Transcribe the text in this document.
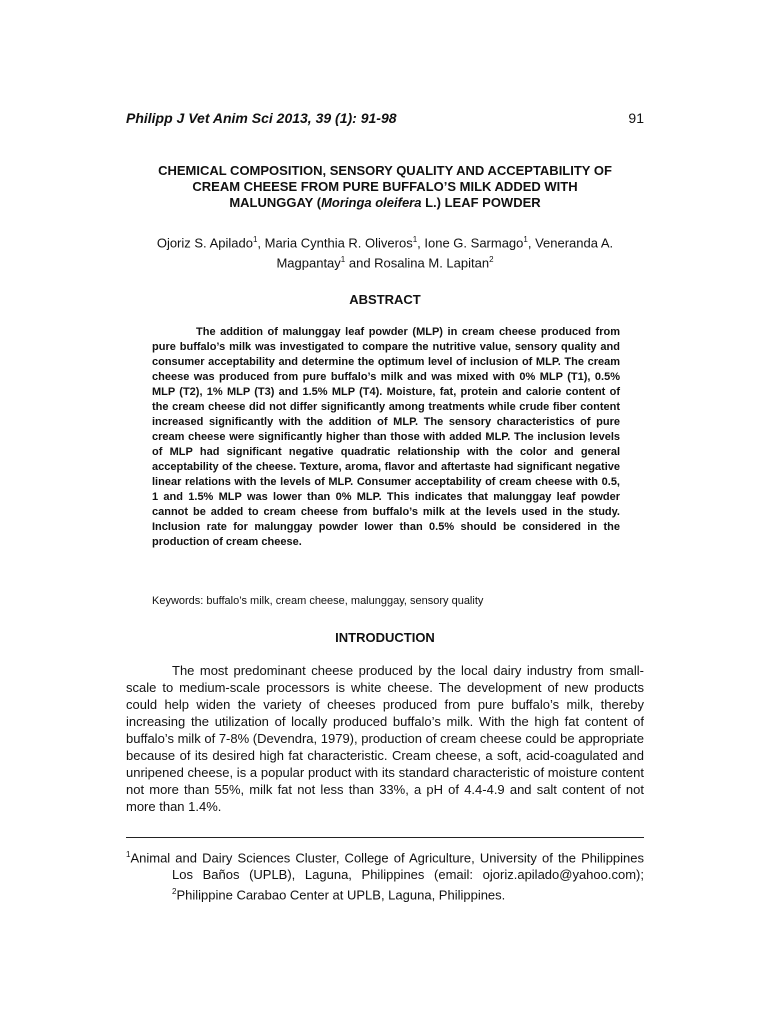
Philipp J Vet Anim Sci 2013, 39 (1): 91-98	91
CHEMICAL COMPOSITION, SENSORY QUALITY AND ACCEPTABILITY OF
CREAM CHEESE FROM PURE BUFFALO’S MILK ADDED WITH
MALUNGGAY (Moringa oleifera L.) LEAF POWDER
Ojoriz S. Apilado$^1$, Maria Cynthia R. Oliveros$^1$, Ione G. Sarmago$^1$, Veneranda A. Magpantay$^1$ and Rosalina M. Lapitan$^2$
ABSTRACT
The addition of malunggay leaf powder (MLP) in cream cheese produced from pure buffalo’s milk was investigated to compare the nutritive value, sensory quality and consumer acceptability and determine the optimum level of inclusion of MLP. The cream cheese was produced from pure buffalo’s milk and was mixed with 0% MLP (T1), 0.5% MLP (T2), 1% MLP (T3) and 1.5% MLP (T4). Moisture, fat, protein and calorie content of the cream cheese did not differ significantly among treatments while crude fiber content increased significantly with the addition of MLP. The sensory characteristics of pure cream cheese were significantly higher than those with added MLP. The inclusion levels of MLP had significant negative quadratic relationship with the color and general acceptability of the cheese. Texture, aroma, flavor and aftertaste had significant negative linear relations with the levels of MLP. Consumer acceptability of cream cheese with 0.5, 1 and 1.5% MLP was lower than 0% MLP. This indicates that malunggay leaf powder cannot be added to cream cheese from buffalo’s milk at the levels used in the study. Inclusion rate for malunggay powder lower than 0.5% should be considered in the production of cream cheese.
Keywords: buffalo’s milk, cream cheese, malunggay, sensory quality
INTRODUCTION
The most predominant cheese produced by the local dairy industry from small-scale to medium-scale processors is white cheese. The development of new products could help widen the variety of cheeses produced from pure buffalo’s milk, thereby increasing the utilization of locally produced buffalo’s milk. With the high fat content of buffalo’s milk of 7-8% (Devendra, 1979), production of cream cheese could be appropriate because of its desired high fat characteristic. Cream cheese, a soft, acid-coagulated and unripened cheese, is a popular product with its standard characteristic of moisture content not more than 55%, milk fat not less than 33%, a pH of 4.4-4.9 and salt content of not more than 1.4%.
$^1$Animal and Dairy Sciences Cluster, College of Agriculture, University of the Philippines Los Baños (UPLB), Laguna, Philippines (email: ojoriz.apilado@yahoo.com); $^2$Philippine Carabao Center at UPLB, Laguna, Philippines.
